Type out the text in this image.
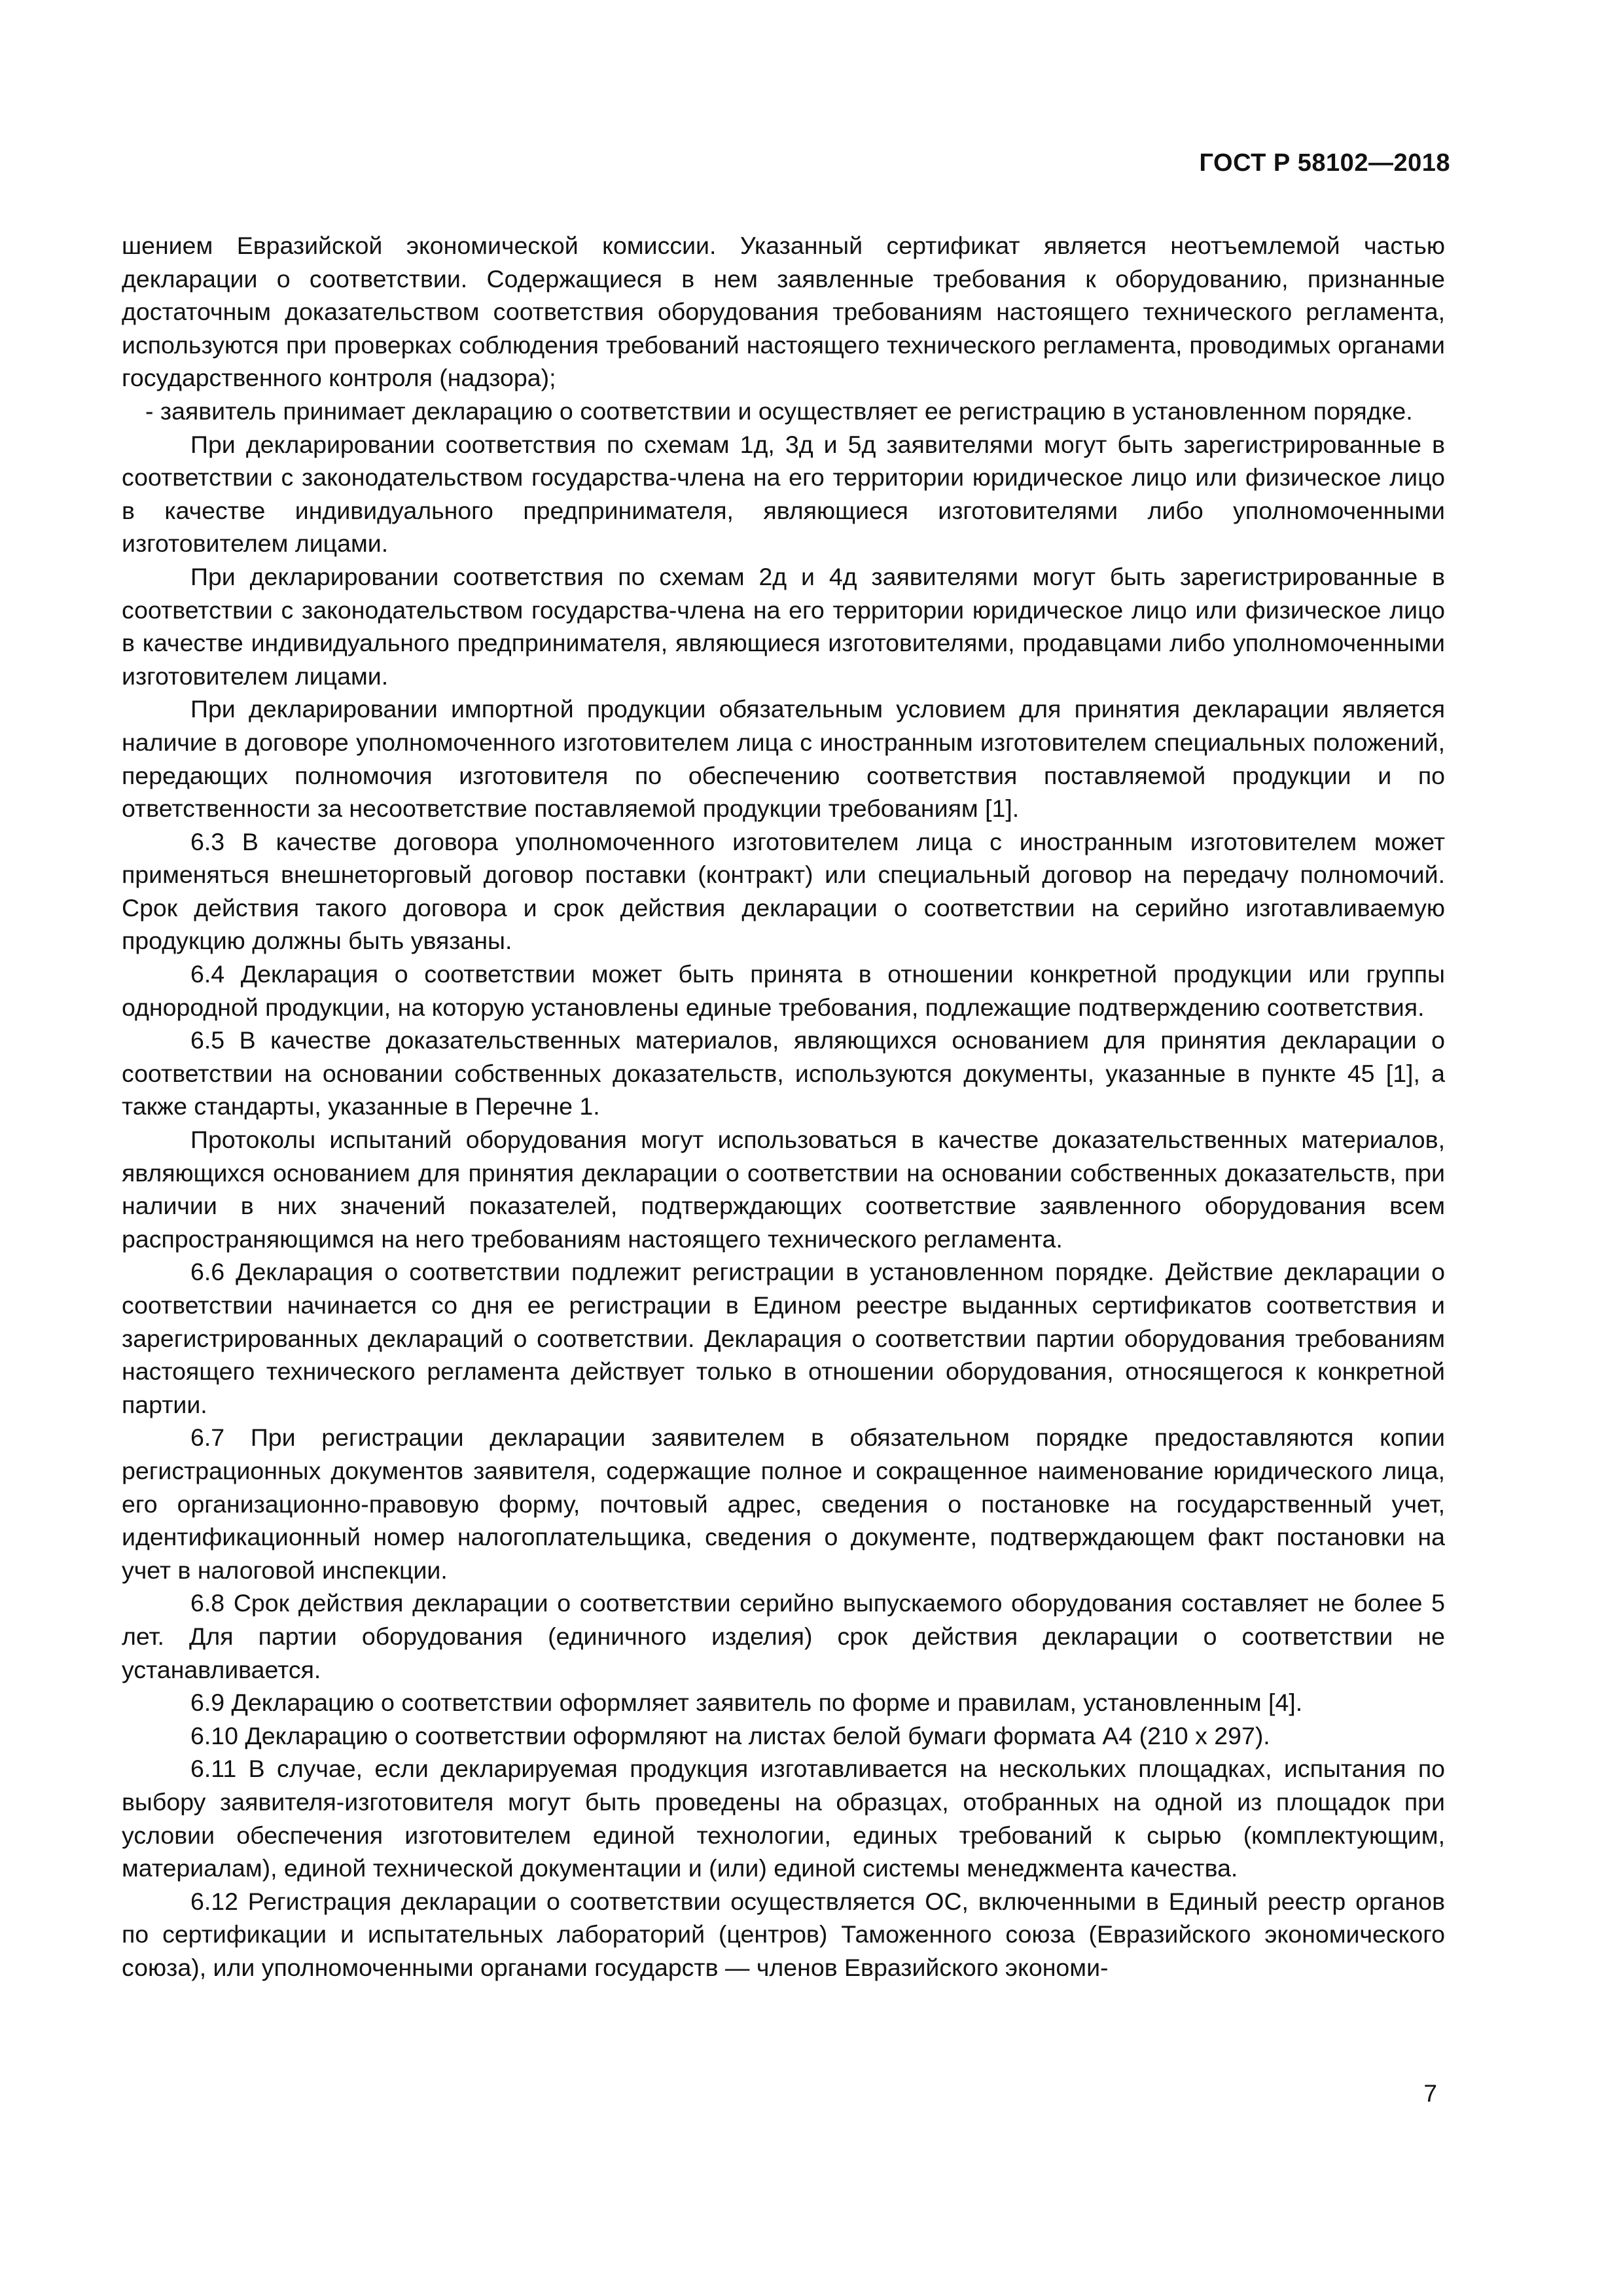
ГОСТ Р 58102—2018

шением Евразийской экономической комиссии. Указанный сертификат является неотъемлемой частью декларации о соответствии. Содержащиеся в нем заявленные требования к оборудованию, признанные достаточным доказательством соответствия оборудования требованиям настоящего технического регламента, используются при проверках соблюдения требований настоящего технического регламента, проводимых органами государственного контроля (надзора);

- заявитель принимает декларацию о соответствии и осуществляет ее регистрацию в установленном порядке.

При декларировании соответствия по схемам 1д, 3д и 5д заявителями могут быть зарегистрированные в соответствии с законодательством государства-члена на его территории юридическое лицо или физическое лицо в качестве индивидуального предпринимателя, являющиеся изготовителями либо уполномоченными изготовителем лицами.

При декларировании соответствия по схемам 2д и 4д заявителями могут быть зарегистрированные в соответствии с законодательством государства-члена на его территории юридическое лицо или физическое лицо в качестве индивидуального предпринимателя, являющиеся изготовителями, продавцами либо уполномоченными изготовителем лицами.

При декларировании импортной продукции обязательным условием для принятия декларации является наличие в договоре уполномоченного изготовителем лица с иностранным изготовителем специальных положений, передающих полномочия изготовителя по обеспечению соответствия поставляемой продукции и по ответственности за несоответствие поставляемой продукции требованиям [1].

6.3 В качестве договора уполномоченного изготовителем лица с иностранным изготовителем может применяться внешнеторговый договор поставки (контракт) или специальный договор на передачу полномочий. Срок действия такого договора и срок действия декларации о соответствии на серийно изготавливаемую продукцию должны быть увязаны.

6.4 Декларация о соответствии может быть принята в отношении конкретной продукции или группы однородной продукции, на которую установлены единые требования, подлежащие подтверждению соответствия.

6.5 В качестве доказательственных материалов, являющихся основанием для принятия декларации о соответствии на основании собственных доказательств, используются документы, указанные в пункте 45 [1], а также стандарты, указанные в Перечне 1.

Протоколы испытаний оборудования могут использоваться в качестве доказательственных материалов, являющихся основанием для принятия декларации о соответствии на основании собственных доказательств, при наличии в них значений показателей, подтверждающих соответствие заявленного оборудования всем распространяющимся на него требованиям настоящего технического регламента.

6.6 Декларация о соответствии подлежит регистрации в установленном порядке. Действие декларации о соответствии начинается со дня ее регистрации в Едином реестре выданных сертификатов соответствия и зарегистрированных деклараций о соответствии. Декларация о соответствии партии оборудования требованиям настоящего технического регламента действует только в отношении оборудования, относящегося к конкретной партии.

6.7 При регистрации декларации заявителем в обязательном порядке предоставляются копии регистрационных документов заявителя, содержащие полное и сокращенное наименование юридического лица, его организационно-правовую форму, почтовый адрес, сведения о постановке на государственный учет, идентификационный номер налогоплательщика, сведения о документе, подтверждающем факт постановки на учет в налоговой инспекции.

6.8 Срок действия декларации о соответствии серийно выпускаемого оборудования составляет не более 5 лет. Для партии оборудования (единичного изделия) срок действия декларации о соответствии не устанавливается.

6.9 Декларацию о соответствии оформляет заявитель по форме и правилам, установленным [4].

6.10 Декларацию о соответствии оформляют на листах белой бумаги формата А4 (210 х 297).

6.11 В случае, если декларируемая продукция изготавливается на нескольких площадках, испытания по выбору заявителя-изготовителя могут быть проведены на образцах, отобранных на одной из площадок при условии обеспечения изготовителем единой технологии, единых требований к сырью (комплектующим, материалам), единой технической документации и (или) единой системы менеджмента качества.

6.12 Регистрация декларации о соответствии осуществляется ОС, включенными в Единый реестр органов по сертификации и испытательных лабораторий (центров) Таможенного союза (Евразийского экономического союза), или уполномоченными органами государств — членов Евразийского экономи-

7
